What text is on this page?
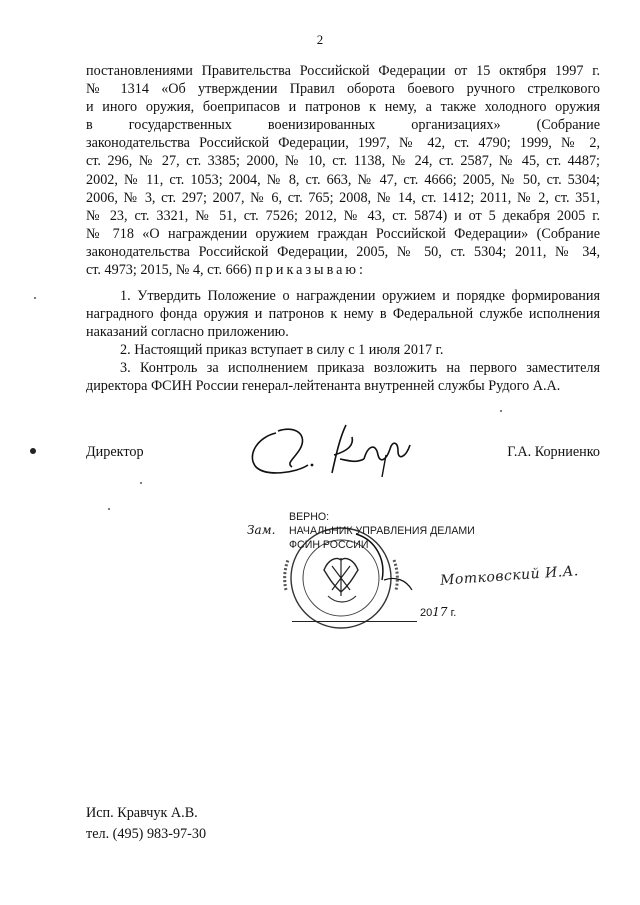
2

постановлениями Правительства Российской Федерации от 15 октября 1997 г.

№ 1314 «Об утверждении Правил оборота боевого ручного стрелкового

и иного оружия, боеприпасов и патронов к нему, а также холодного оружия

в государственных военизированных организациях» (Собрание

законодательства Российской Федерации, 1997, № 42, ст. 4790; 1999, № 2,

ст. 296, № 27, ст. 3385; 2000, № 10, ст. 1138, № 24, ст. 2587, № 45, ст. 4487;

2002, № 11, ст. 1053; 2004, № 8, ст. 663, № 47, ст. 4666; 2005, № 50, ст. 5304;

2006, № 3, ст. 297; 2007, № 6, ст. 765; 2008, № 14, ст. 1412; 2011, № 2, ст. 351,

№ 23, ст. 3321, № 51, ст. 7526; 2012, № 43, ст. 5874) и от 5 декабря 2005 г.

№ 718 «О награждении оружием граждан Российской Федерации» (Собрание

законодательства Российской Федерации, 2005, № 50, ст. 5304; 2011, № 34,

ст. 4973; 2015, № 4, ст. 666) приказываю:

1. Утвердить Положение о награждении оружием и порядке формирования наградного фонда оружия и патронов к нему в Федеральной службе исполнения наказаний согласно приложению.

2. Настоящий приказ вступает в силу с 1 июля 2017 г.

3. Контроль за исполнением приказа возложить на первого заместителя директора ФСИН России генерал-лейтенанта внутренней службы Рудого А.А.

Директор	Г.А. Корниенко
Зам.
ВЕРНО:
НАЧАЛЬНИК УПРАВЛЕНИЯ ДЕЛАМИ
ФСИН РОССИИ
Мотковский И.А.
2017 г.
Исп. Кравчук А.В.
тел. (495) 983-97-30
